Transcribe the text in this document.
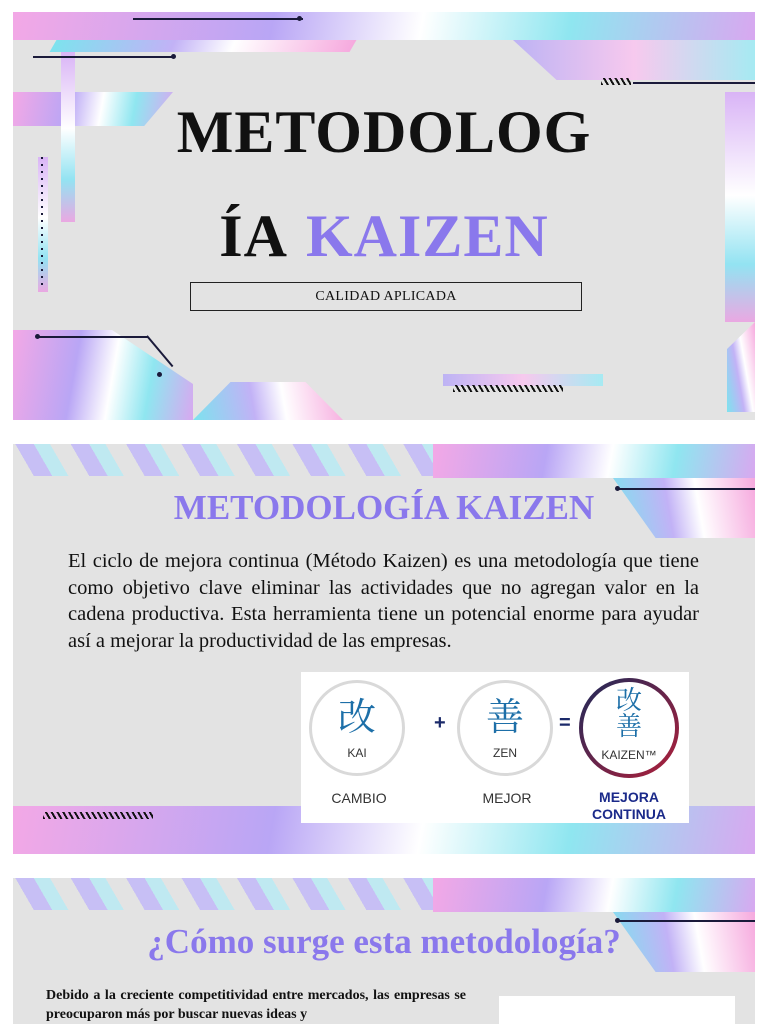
METODOLOG
ÍA KAIZEN
CALIDAD APLICADA
METODOLOGÍA KAIZEN

El ciclo de mejora continua (Método Kaizen) es una metodología que tiene como objetivo clave eliminar las actividades que no agregan valor en la cadena productiva. Esta herramienta tiene un potencial enorme para ayudar así a mejorar la productividad de las empresas.

改
KAI
+	善
ZEN
=
改
善
KAIZEN™
CAMBIO	MEJOR	MEJORA
CONTINUA
¿Cómo surge esta metodología?

Debido a la creciente competitividad entre mercados, las empresas se preocuparon más por buscar nuevas ideas y
